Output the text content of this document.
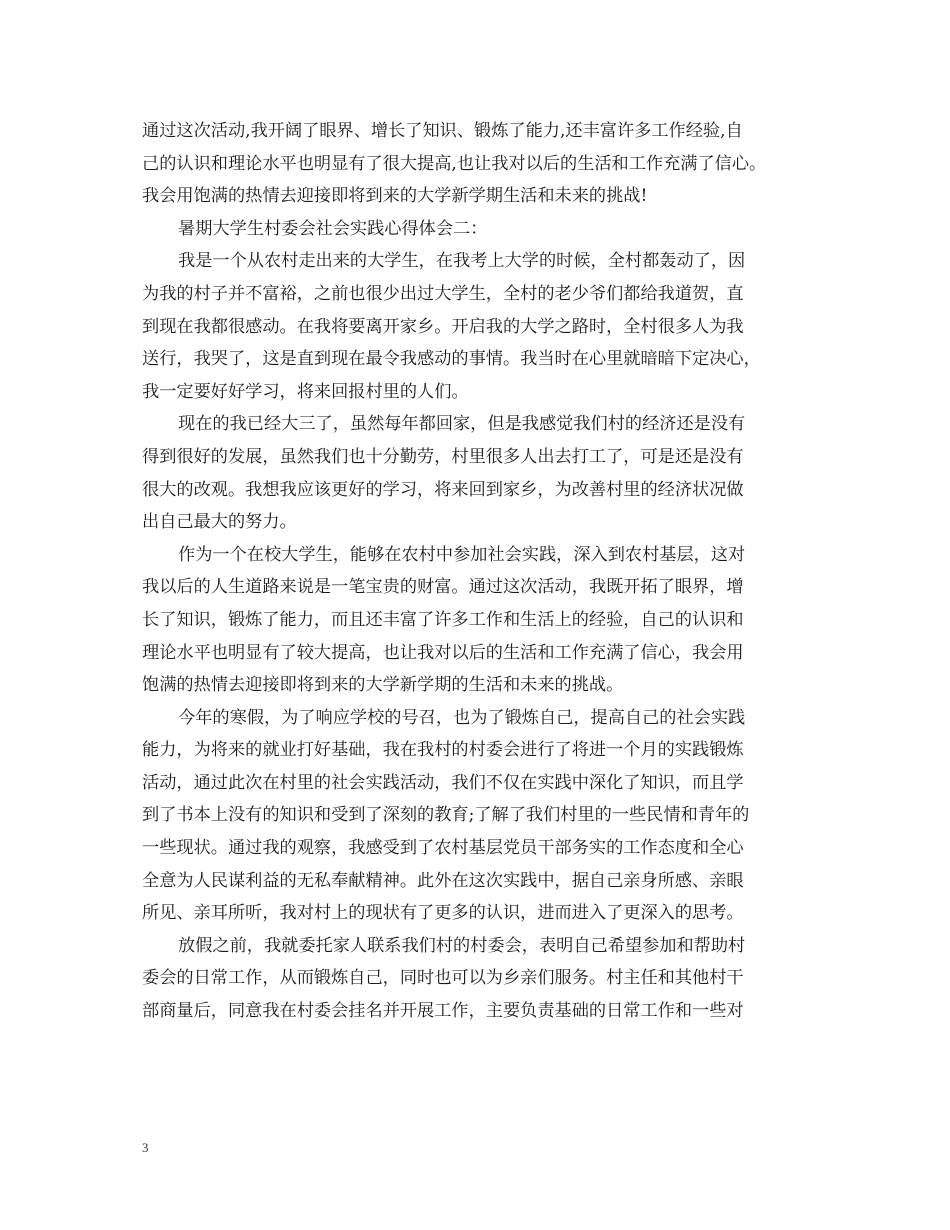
通过这次活动,我开阔了眼界、增长了知识、锻炼了能力,还丰富许多工作经验,自
己的认识和理论水平也明显有了很大提高,也让我对以后的生活和工作充满了信心。
我会用饱满的热情去迎接即将到来的大学新学期生活和未来的挑战!
暑期大学生村委会社会实践心得体会二：
我是一个从农村走出来的大学生，在我考上大学的时候，全村都轰动了，因
为我的村子并不富裕，之前也很少出过大学生，全村的老少爷们都给我道贺，直
到现在我都很感动。在我将要离开家乡。开启我的大学之路时，全村很多人为我
送行，我哭了，这是直到现在最令我感动的事情。我当时在心里就暗暗下定决心，
我一定要好好学习，将来回报村里的人们。
现在的我已经大三了，虽然每年都回家，但是我感觉我们村的经济还是没有
得到很好的发展，虽然我们也十分勤劳，村里很多人出去打工了，可是还是没有
很大的改观。我想我应该更好的学习，将来回到家乡，为改善村里的经济状况做
出自己最大的努力。
作为一个在校大学生，能够在农村中参加社会实践，深入到农村基层，这对
我以后的人生道路来说是一笔宝贵的财富。通过这次活动，我既开拓了眼界，增
长了知识，锻炼了能力，而且还丰富了许多工作和生活上的经验，自己的认识和
理论水平也明显有了较大提高，也让我对以后的生活和工作充满了信心，我会用
饱满的热情去迎接即将到来的大学新学期的生活和未来的挑战。
今年的寒假，为了响应学校的号召，也为了锻炼自己，提高自己的社会实践
能力，为将来的就业打好基础，我在我村的村委会进行了将进一个月的实践锻炼
活动，通过此次在村里的社会实践活动，我们不仅在实践中深化了知识，而且学
到了书本上没有的知识和受到了深刻的教育;了解了我们村里的一些民情和青年的
一些现状。通过我的观察，我感受到了农村基层党员干部务实的工作态度和全心
全意为人民谋利益的无私奉献精神。此外在这次实践中，据自己亲身所感、亲眼
所见、亲耳所听，我对村上的现状有了更多的认识，进而进入了更深入的思考。
放假之前，我就委托家人联系我们村的村委会，表明自己希望参加和帮助村
委会的日常工作，从而锻炼自己，同时也可以为乡亲们服务。村主任和其他村干
部商量后，同意我在村委会挂名并开展工作，主要负责基础的日常工作和一些对
3
